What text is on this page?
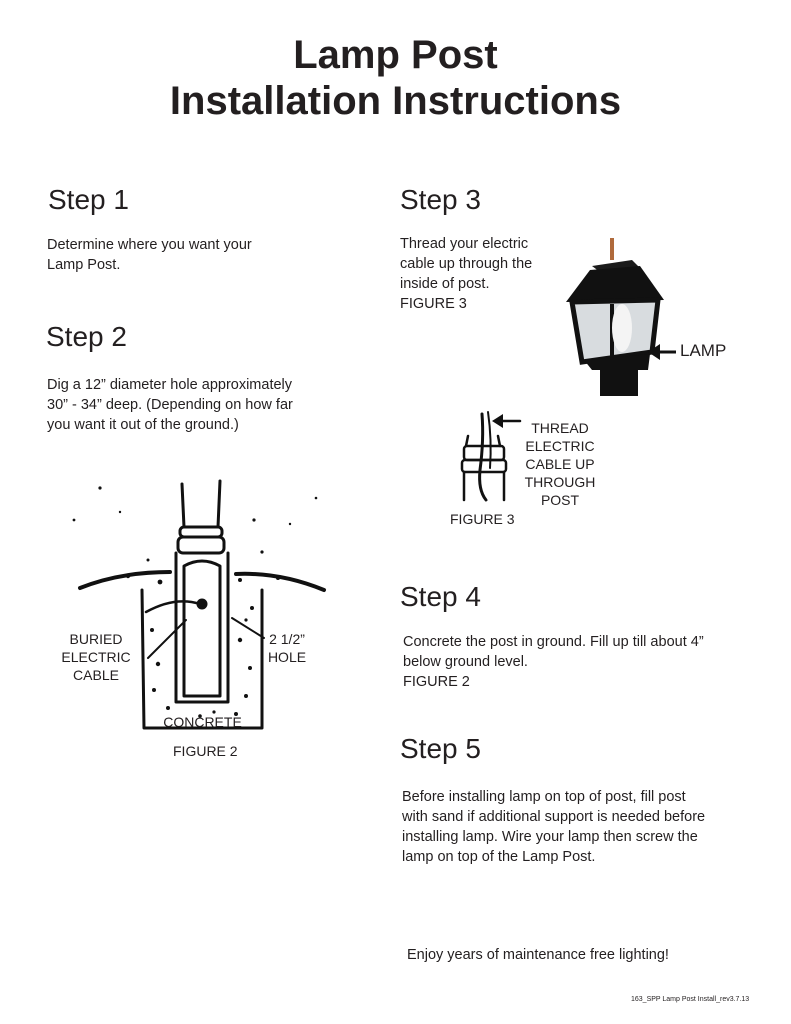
Lamp Post
Installation Instructions
Step 1

Determine where you want your
Lamp Post.

Step 2

Dig a 12” diameter hole approximately
30” - 34” deep. (Depending on how far
you want it out of the ground.)

Step 3

Thread your electric
cable up through the
inside of post.
FIGURE 3

Step 4

Concrete the post in ground. Fill up till about 4”
below ground level.
FIGURE 2

Step 5

Before installing lamp on top of post, fill post
with sand if additional support is needed before
installing lamp. Wire your lamp then screw the
lamp on top of the Lamp Post.

BURIED
ELECTRIC
CABLE
2 1/2”
HOLE
CONCRETE
FIGURE 2
LAMP
THREAD
ELECTRIC
CABLE UP
THROUGH
POST
FIGURE 3

Enjoy years of maintenance free lighting!

163_SPP Lamp Post Install_rev3.7.13
